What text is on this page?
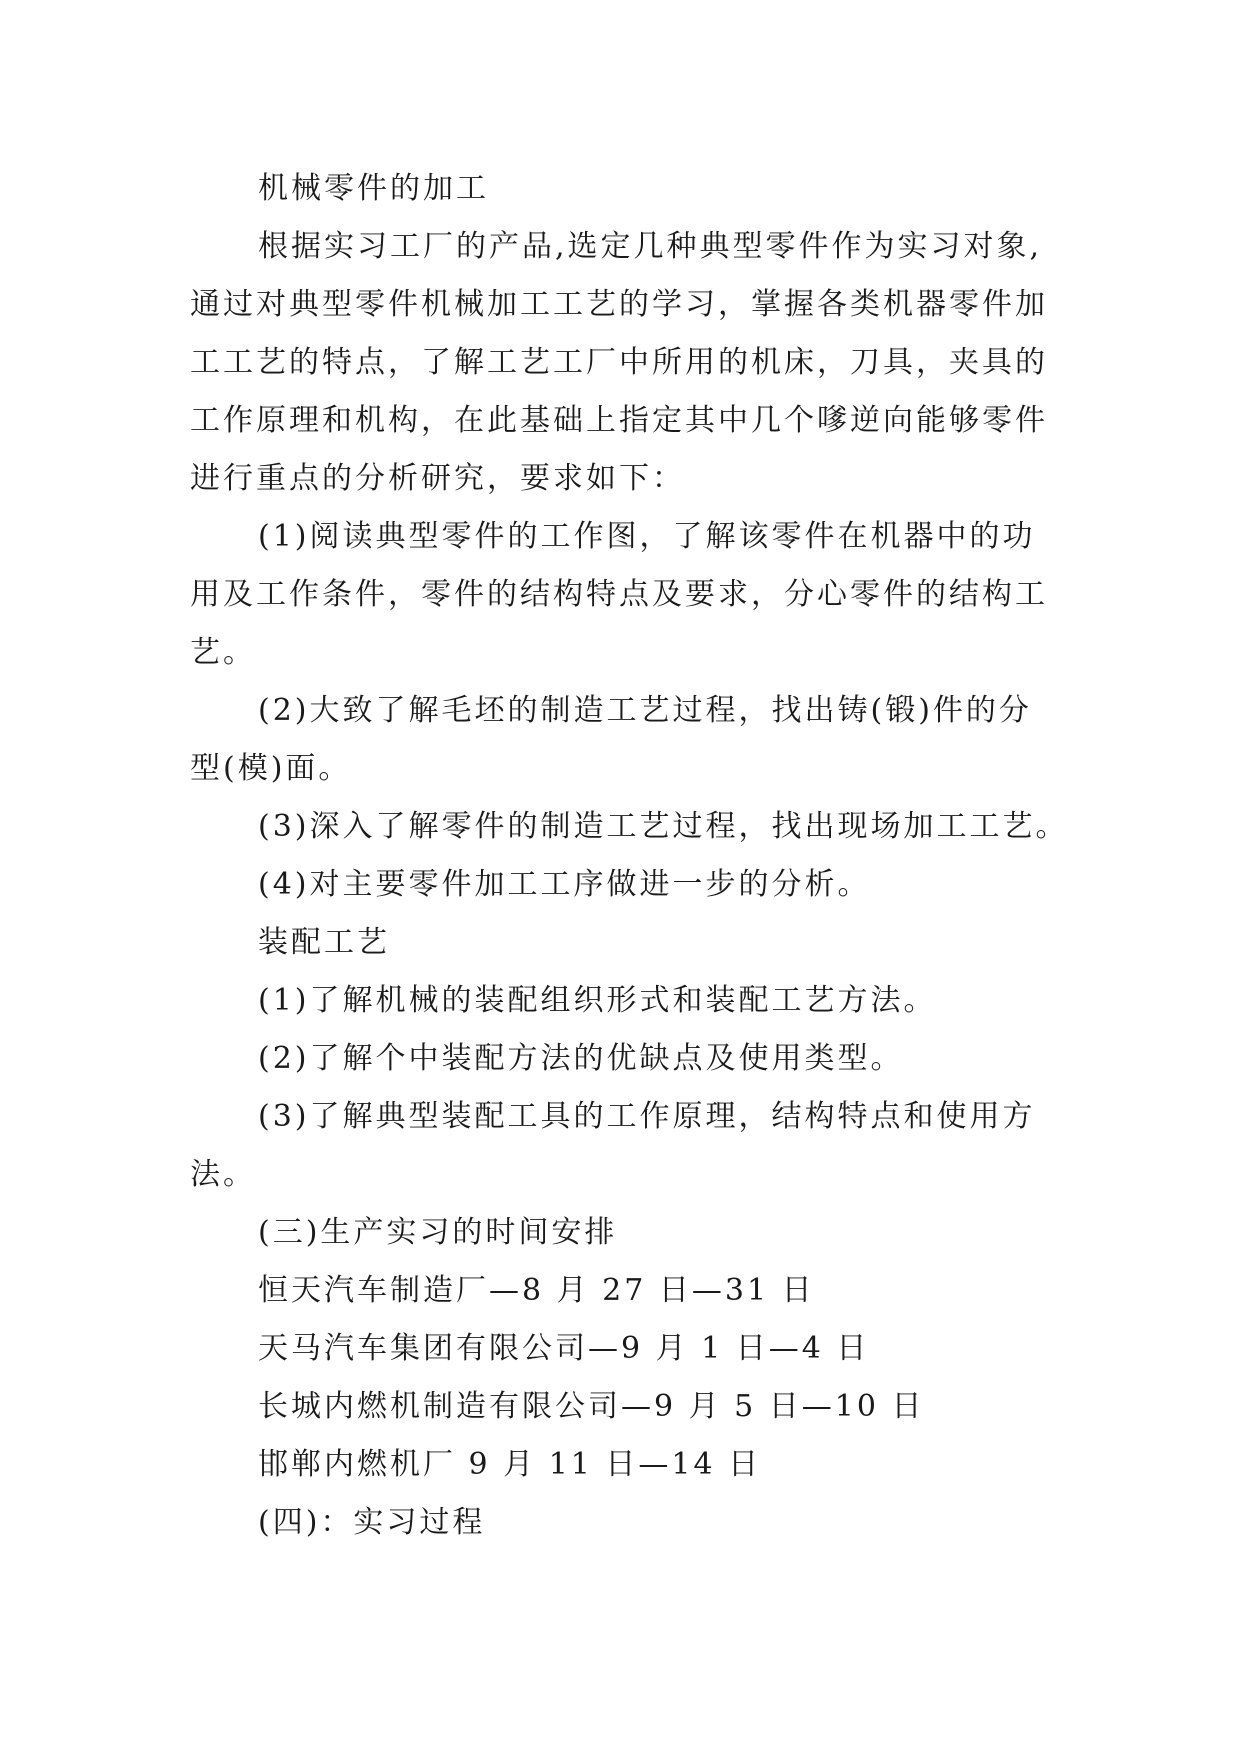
机械零件的加工

根据实习工厂的产品,选定几种典型零件作为实习对象,

通过对典型零件机械加工工艺的学习，掌握各类机器零件加

工工艺的特点，了解工艺工厂中所用的机床，刀具，夹具的

工作原理和机构，在此基础上指定其中几个嗲逆向能够零件

进行重点的分析研究，要求如下：

(1)阅读典型零件的工作图，了解该零件在机器中的功

用及工作条件，零件的结构特点及要求，分心零件的结构工

艺。

(2)大致了解毛坯的制造工艺过程，找出铸(锻)件的分

型(模)面。

(3)深入了解零件的制造工艺过程，找出现场加工工艺。

(4)对主要零件加工工序做进一步的分析。

装配工艺

(1)了解机械的装配组织形式和装配工艺方法。

(2)了解个中装配方法的优缺点及使用类型。

(3)了解典型装配工具的工作原理，结构特点和使用方

法。

(三)生产实习的时间安排

恒天汽车制造厂—8 月 27 日—31 日

天马汽车集团有限公司—9 月 1 日—4 日

长城内燃机制造有限公司—9 月 5 日—10 日

邯郸内燃机厂 9 月 11 日—14 日

(四)：实习过程
